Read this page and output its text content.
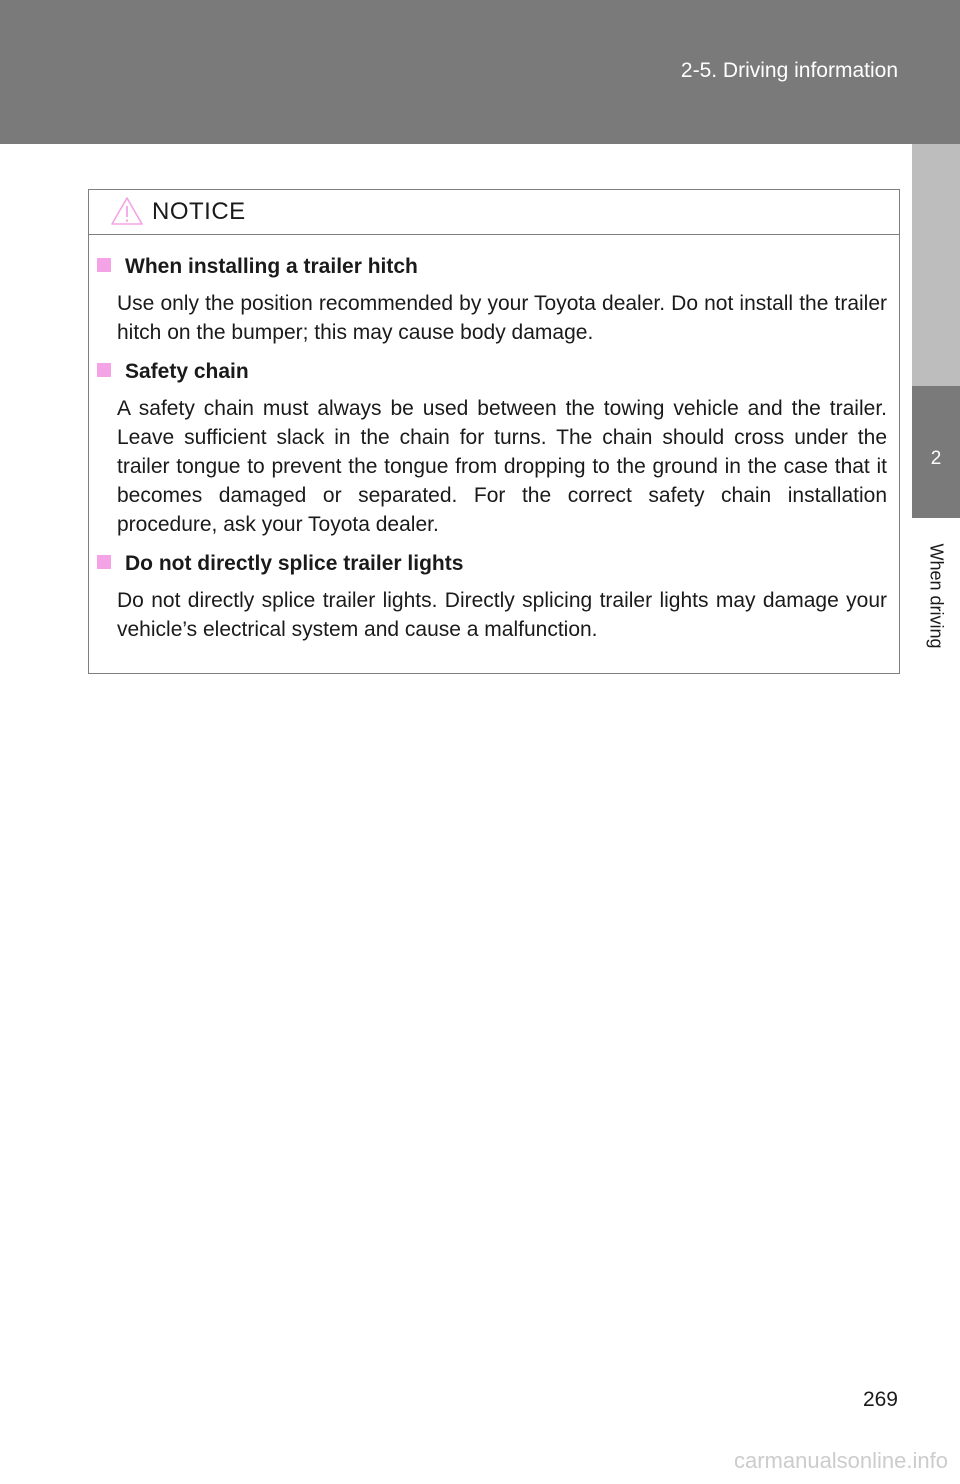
2-5. Driving information
2
When driving
NOTICE
When installing a trailer hitch

Use only the position recommended by your Toyota dealer. Do not install the trailer hitch on the bumper; this may cause body damage.

Safety chain

A safety chain must always be used between the towing vehicle and the trailer. Leave sufficient slack in the chain for turns. The chain should cross under the trailer tongue to prevent the tongue from dropping to the ground in the case that it becomes damaged or separated. For the correct safety chain installation procedure, ask your Toyota dealer.

Do not directly splice trailer lights

Do not directly splice trailer lights. Directly splicing trailer lights may damage your vehicle’s electrical system and cause a malfunction.

269
carmanualsonline.info
